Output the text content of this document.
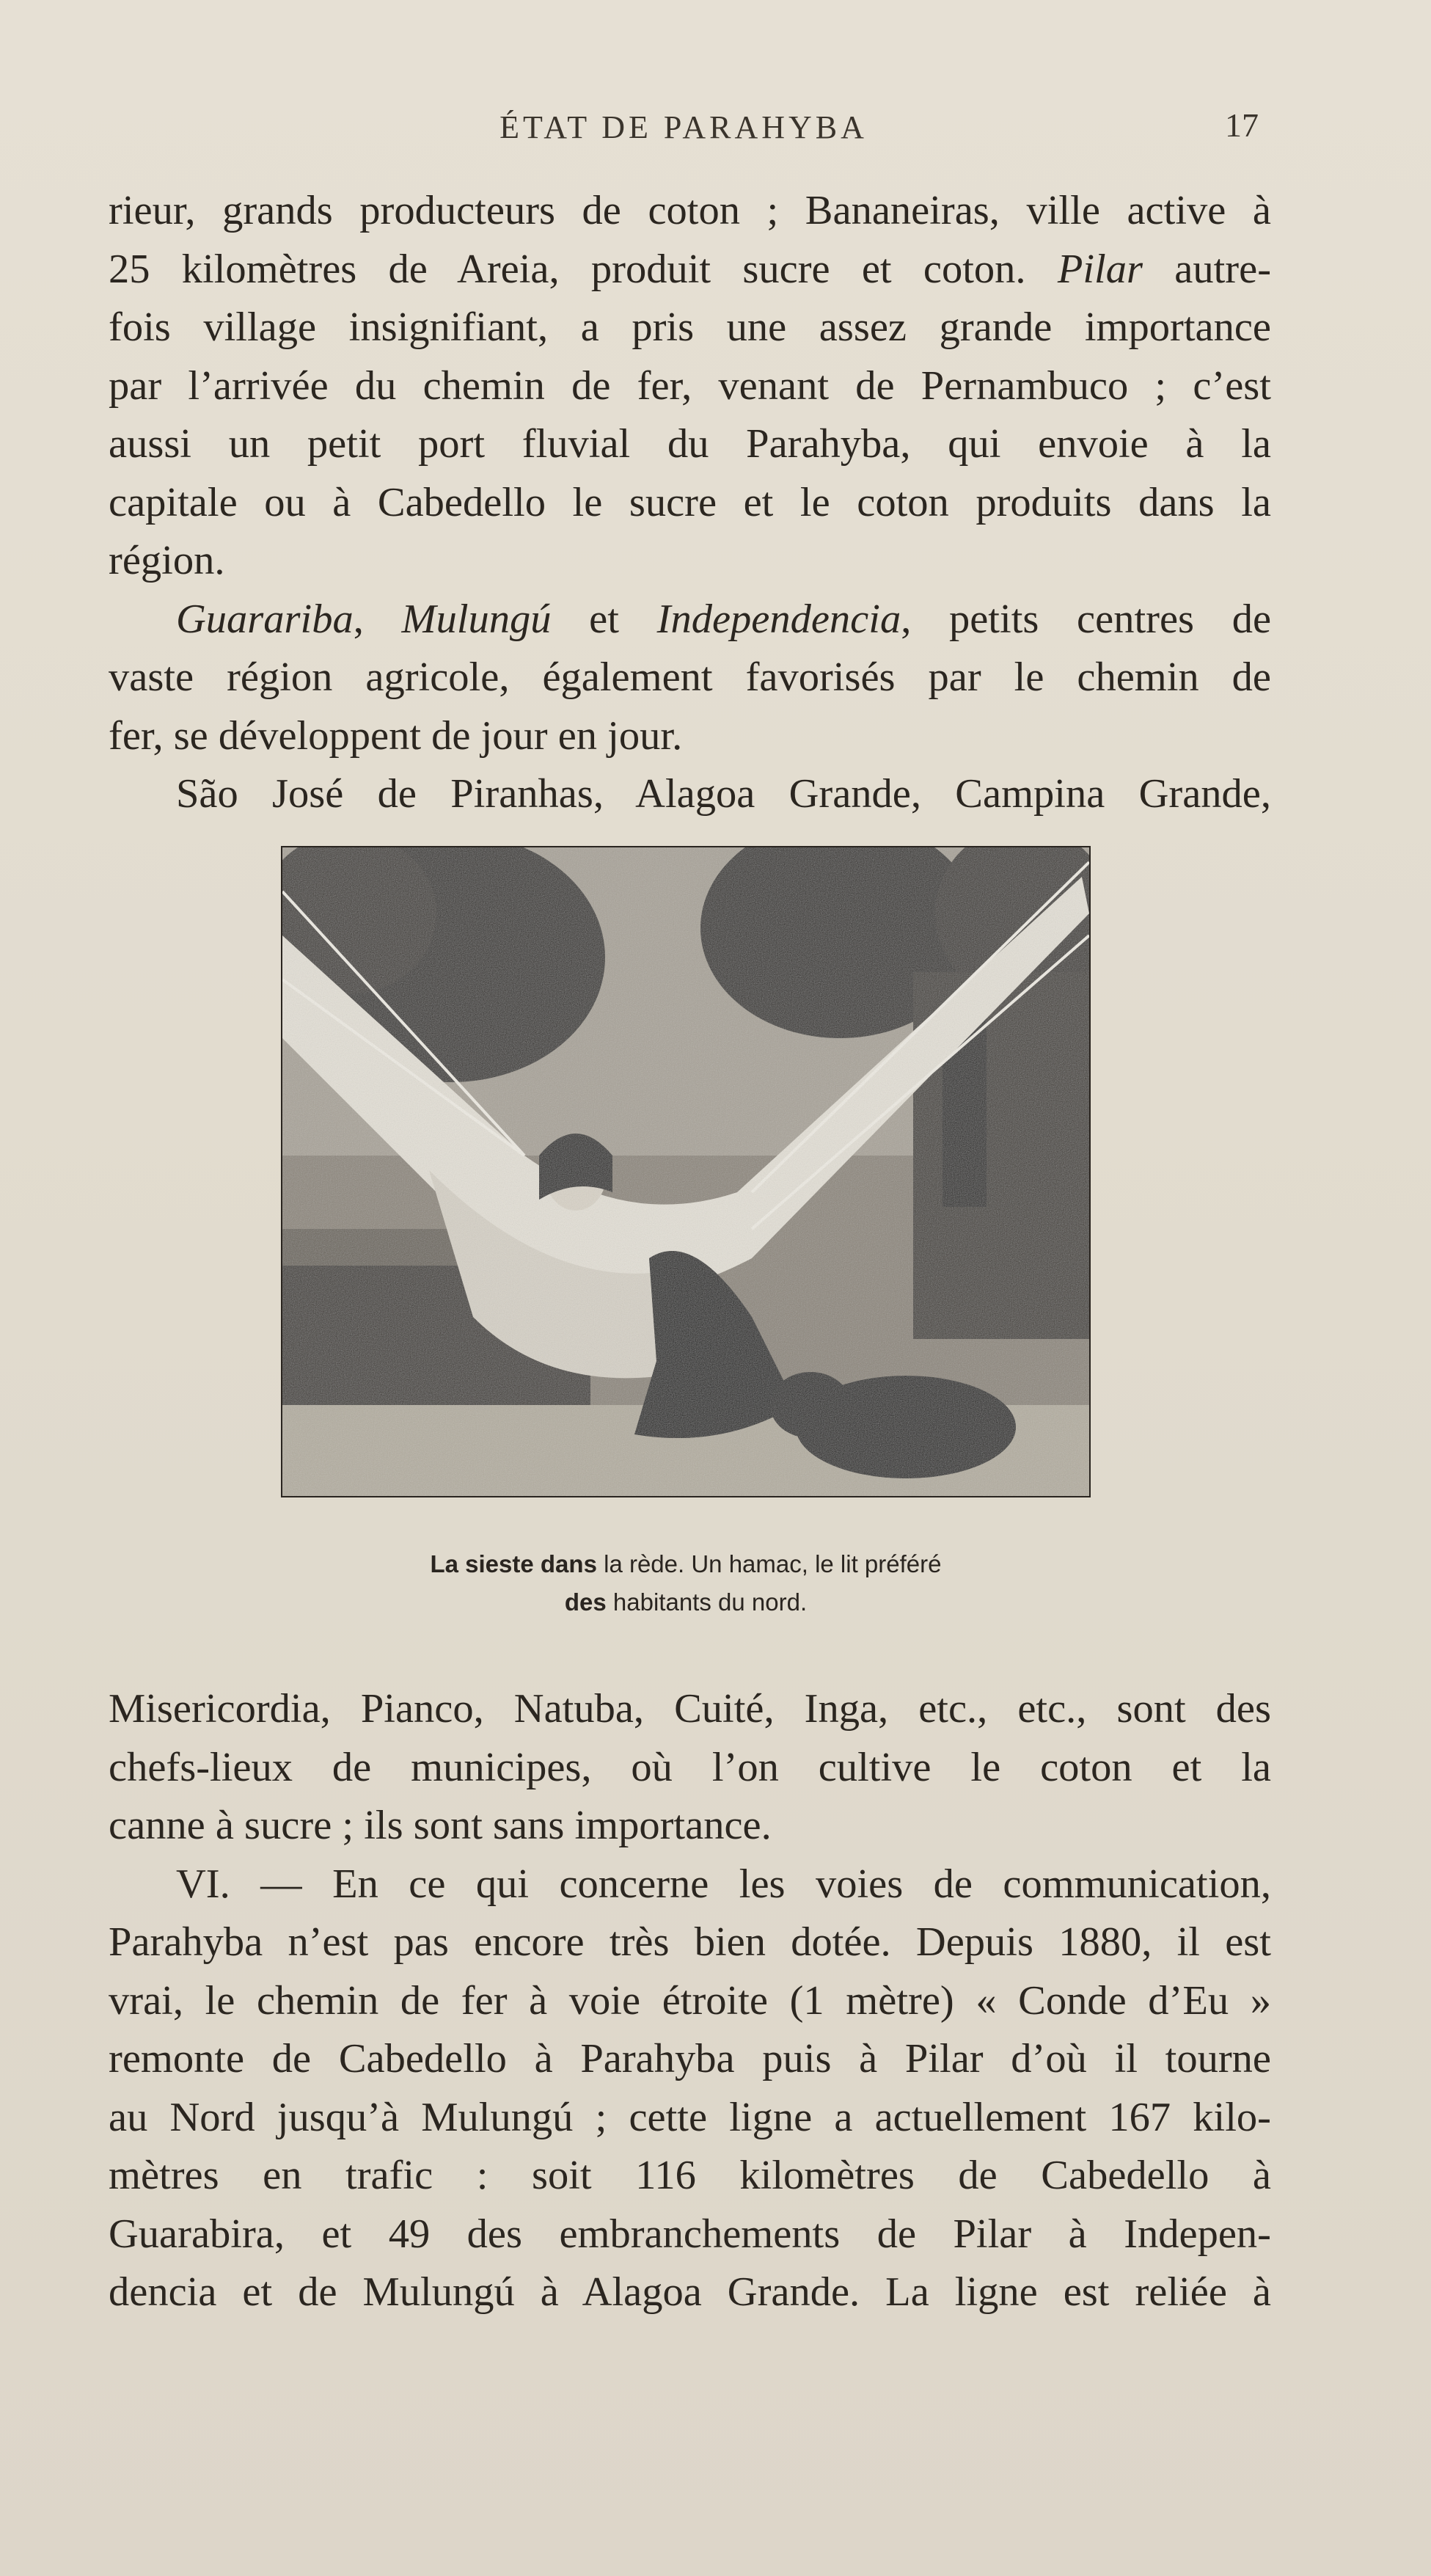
ÉTAT DE PARAHYBA	17
rieur, grands producteurs de coton ; Bananeiras, ville active à
25 kilomètres de Areia, produit sucre et coton. Pilar autre-
fois village insignifiant, a pris une assez grande importance
par l’arrivée du chemin de fer, venant de Pernambuco ; c’est
aussi un petit port fluvial du Parahyba, qui envoie à la
capitale ou à Cabedello le sucre et le coton produits dans la
région.
Guarariba, Mulungú et Independencia, petits centres de
vaste région agricole, également favorisés par le chemin de
fer, se développent de jour en jour.
São José de Piranhas, Alagoa Grande, Campina Grande,
La sieste dans la rède. Un hamac, le lit préféré
des habitants du nord.
Misericordia, Pianco, Natuba, Cuité, Inga, etc., etc., sont des
chefs-lieux de municipes, où l’on cultive le coton et la
canne à sucre ; ils sont sans importance.
VI. — En ce qui concerne les voies de communication,
Parahyba n’est pas encore très bien dotée. Depuis 1880, il est
vrai, le chemin de fer à voie étroite (1 mètre) « Conde d’Eu »
remonte de Cabedello à Parahyba puis à Pilar d’où il tourne
au Nord jusqu’à Mulungú ; cette ligne a actuellement 167 kilo-
mètres en trafic : soit 116 kilomètres de Cabedello à
Guarabira, et 49 des embranchements de Pilar à Indepen-
dencia et de Mulungú à Alagoa Grande. La ligne est reliée à
